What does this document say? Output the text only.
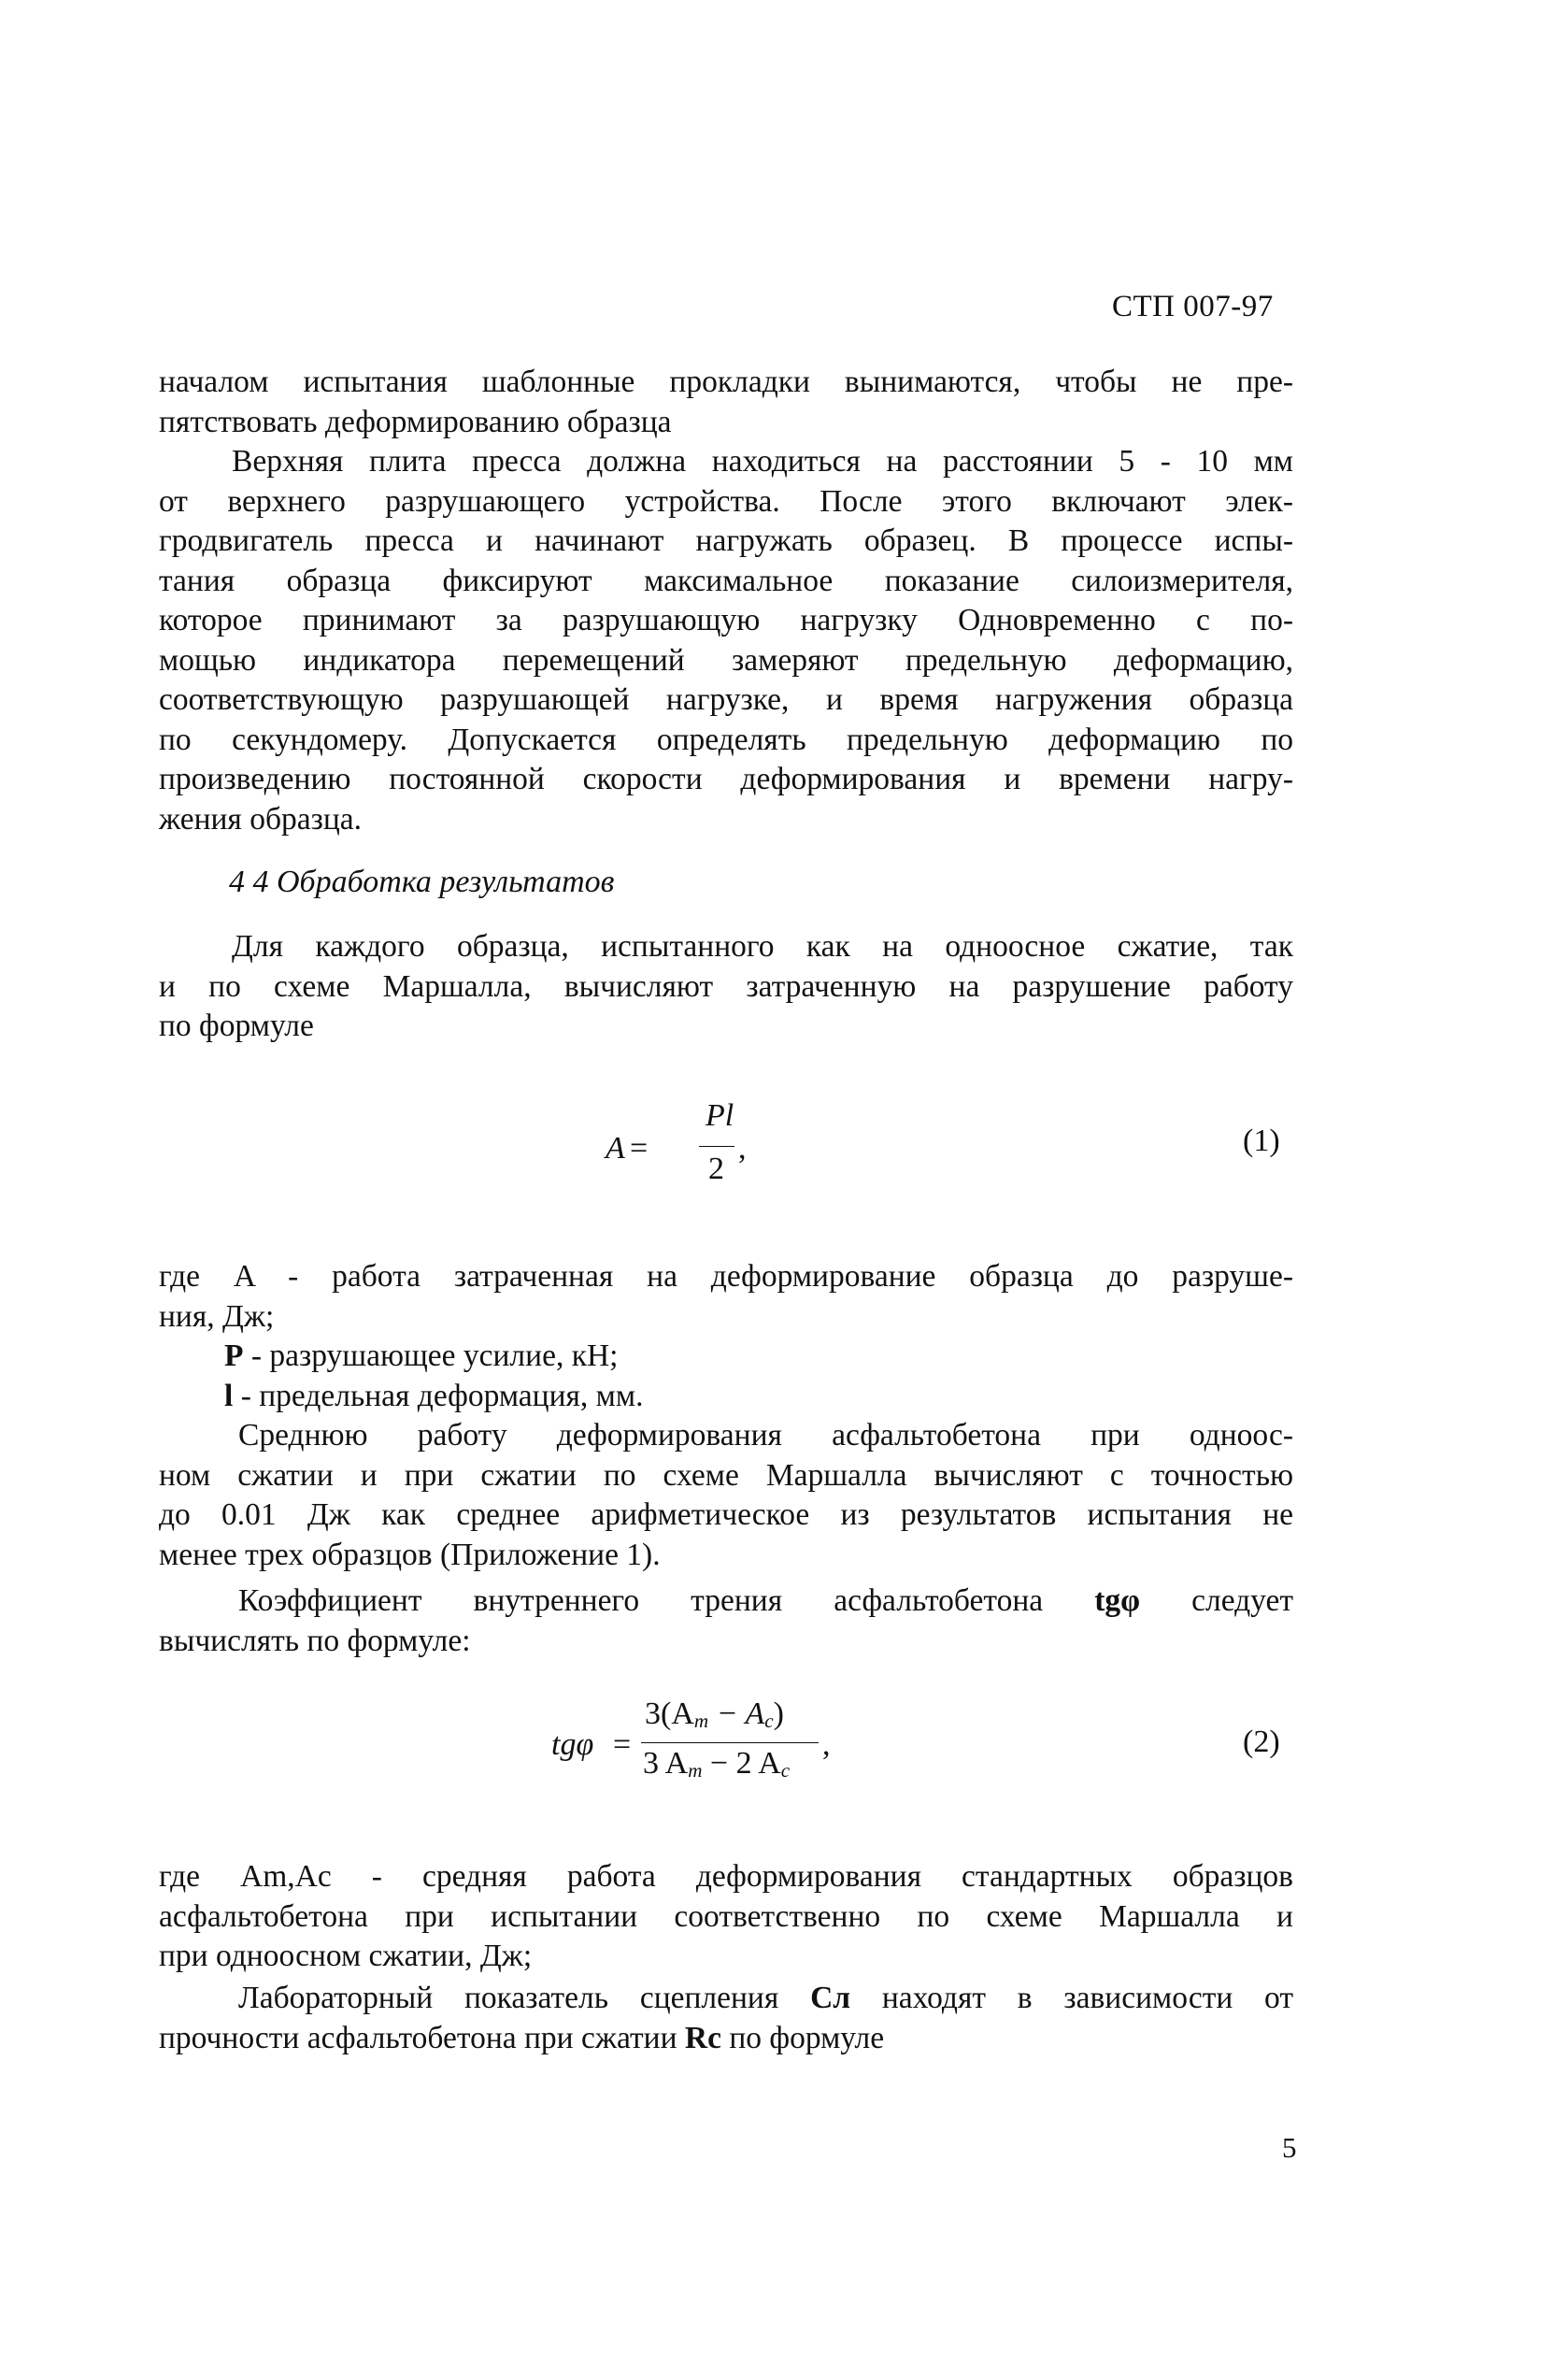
СТП 007-97
началом испытания шаблонные прокладки вынимаются, чтобы не пре-
пятствовать деформированию образца
Верхняя плита пресса должна находиться на расстоянии 5 - 10 мм
от верхнего разрушающего устройства. После этого включают элек-
гродвигатель пресса и начинают нагружать образец. В процессе испы-
тания образца фиксируют максимальное показание силоизмерителя,
которое принимают за разрушающую нагрузку Одновременно с по-
мощью индикатора перемещений замеряют предельную деформацию,
соответствующую разрушающей нагрузке, и время нагружения образца
по секундомеру. Допускается определять предельную деформацию по
произведению постоянной скорости деформирования и времени нагру-
жения образца.
4 4 Обработка результатов
Для каждого образца, испытанного как на одноосное сжатие, так
и по схеме Маршалла, вычисляют затраченную на разрушение работу
по формуле
A =
Pl
2
,	(1)
где A - работа затраченная на деформирование образца до разруше-
ния, Дж;
P - разрушающее усилие, кН;
l - предельная деформация, мм.
Среднюю работу деформирования асфальтобетона при одноос-
ном сжатии и при сжатии по схеме Маршалла вычисляют с точностью
до 0.01 Дж как среднее арифметическое из результатов испытания не
менее трех образцов (Приложение 1).
Коэффициент внутреннего трения асфальтобетона tgφ следует
вычислять по формуле:
tgφ =
$3(A_m - A_c)$
3 $A_m - 2$ $A_c$
,	(2)
где Am,Ac - средняя работа деформирования стандартных образцов
асфальтобетона при испытании соответственно по схеме Маршалла и
при одноосном сжатии, Дж;
Лабораторный показатель сцепления Cл находят в зависимости от
прочности асфальтобетона при сжатии Rc по формуле
5
